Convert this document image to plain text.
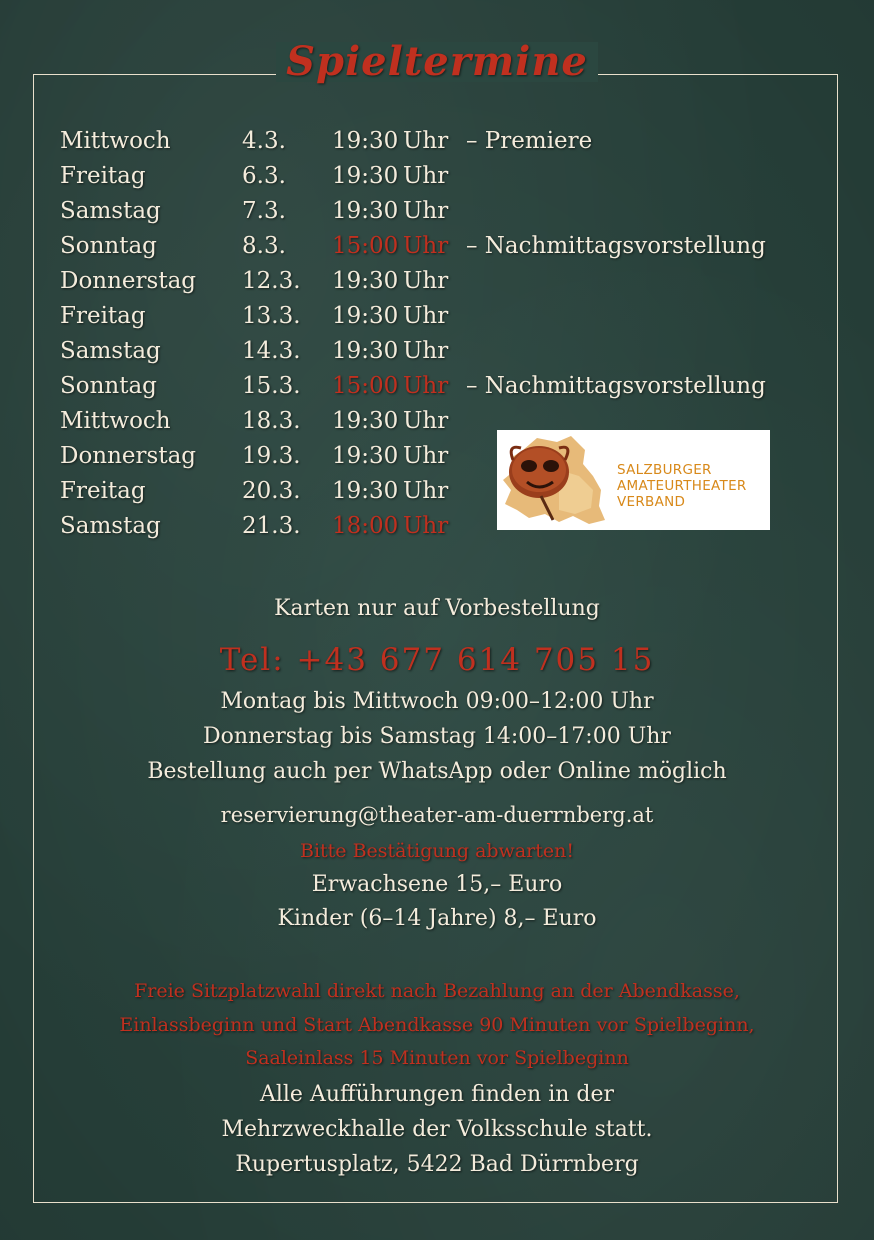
Spieltermine
Mittwoch	4.3. 19:30 Uhr – Premiere
Freitag	6.3. 19:30 Uhr
Samstag	7.3. 19:30 Uhr
Sonntag	8.3. 15:00 Uhr – Nachmittagsvorstellung
Donnerstag 12.3. 19:30 Uhr
Freitag	13.3. 19:30 Uhr
Samstag	14.3. 19:30 Uhr
Sonntag	15.3. 15:00 Uhr – Nachmittagsvorstellung
Mittwoch	18.3. 19:30 Uhr
Donnerstag 19.3. 19:30 Uhr
Freitag	20.3. 19:30 Uhr
Samstag	21.3. 18:00 Uhr
SALZBURGER
AMATEURTHEATER
VERBAND
Karten nur auf Vorbestellung
Tel: +43 677 614 705 15
Montag bis Mittwoch 09:00–12:00 Uhr
Donnerstag bis Samstag 14:00–17:00 Uhr
Bestellung auch per WhatsApp oder Online möglich
reservierung@theater-am-duerrnberg.at
Bitte Bestätigung abwarten!
Erwachsene 15,– Euro
Kinder (6–14 Jahre) 8,– Euro
Freie Sitzplatzwahl direkt nach Bezahlung an der Abendkasse,
Einlassbeginn und Start Abendkasse 90 Minuten vor Spielbeginn,
Saaleinlass 15 Minuten vor Spielbeginn
Alle Aufführungen finden in der
Mehrzweckhalle der Volksschule statt.
Rupertusplatz, 5422 Bad Dürrnberg
